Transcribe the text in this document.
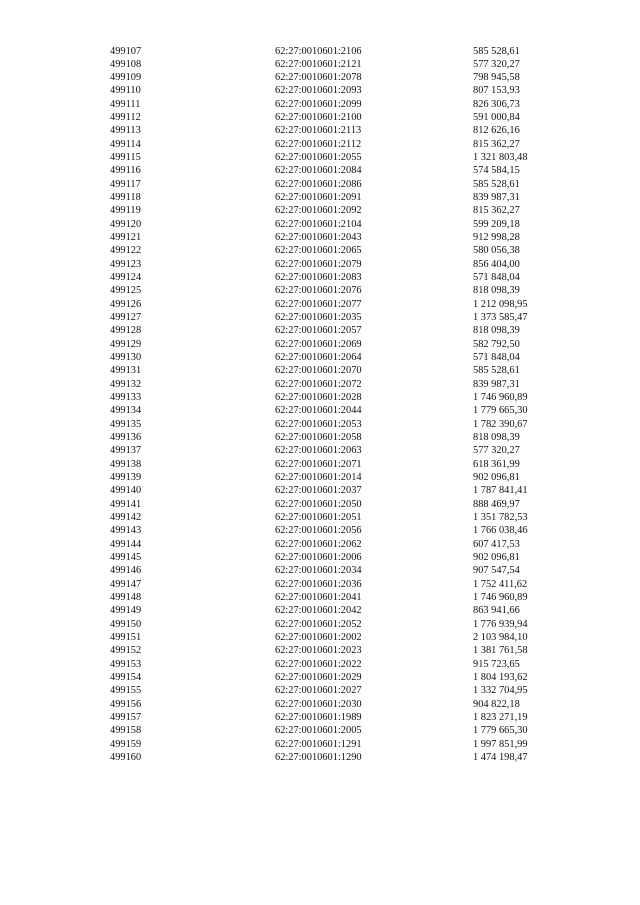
499107	62:27:0010601:2106	585 528,61
499108	62:27:0010601:2121	577 320,27
499109	62:27:0010601:2078	798 945,58
499110	62:27:0010601:2093	807 153,93
499111	62:27:0010601:2099	826 306,73
499112	62:27:0010601:2100	591 000,84
499113	62:27:0010601:2113	812 626,16
499114	62:27:0010601:2112	815 362,27
499115	62:27:0010601:2055	1 321 803,48
499116	62:27:0010601:2084	574 584,15
499117	62:27:0010601:2086	585 528,61
499118	62:27:0010601:2091	839 987,31
499119	62:27:0010601:2092	815 362,27
499120	62:27:0010601:2104	599 209,18
499121	62:27:0010601:2043	912 998,28
499122	62:27:0010601:2065	580 056,38
499123	62:27:0010601:2079	856 404,00
499124	62:27:0010601:2083	571 848,04
499125	62:27:0010601:2076	818 098,39
499126	62:27:0010601:2077	1 212 098,95
499127	62:27:0010601:2035	1 373 585,47
499128	62:27:0010601:2057	818 098,39
499129	62:27:0010601:2069	582 792,50
499130	62:27:0010601:2064	571 848,04
499131	62:27:0010601:2070	585 528,61
499132	62:27:0010601:2072	839 987,31
499133	62:27:0010601:2028	1 746 960,89
499134	62:27:0010601:2044	1 779 665,30
499135	62:27:0010601:2053	1 782 390,67
499136	62:27:0010601:2058	818 098,39
499137	62:27:0010601:2063	577 320,27
499138	62:27:0010601:2071	618 361,99
499139	62:27:0010601:2014	902 096,81
499140	62:27:0010601:2037	1 787 841,41
499141	62:27:0010601:2050	888 469,97
499142	62:27:0010601:2051	1 351 782,53
499143	62:27:0010601:2056	1 766 038,46
499144	62:27:0010601:2062	607 417,53
499145	62:27:0010601:2006	902 096,81
499146	62:27:0010601:2034	907 547,54
499147	62:27:0010601:2036	1 752 411,62
499148	62:27:0010601:2041	1 746 960,89
499149	62:27:0010601:2042	863 941,66
499150	62:27:0010601:2052	1 776 939,94
499151	62:27:0010601:2002	2 103 984,10
499152	62:27:0010601:2023	1 381 761,58
499153	62:27:0010601:2022	915 723,65
499154	62:27:0010601:2029	1 804 193,62
499155	62:27:0010601:2027	1 332 704,95
499156	62:27:0010601:2030	904 822,18
499157	62:27:0010601:1989	1 823 271,19
499158	62:27:0010601:2005	1 779 665,30
499159	62:27:0010601:1291	1 997 851,99
499160	62:27:0010601:1290	1 474 198,47
